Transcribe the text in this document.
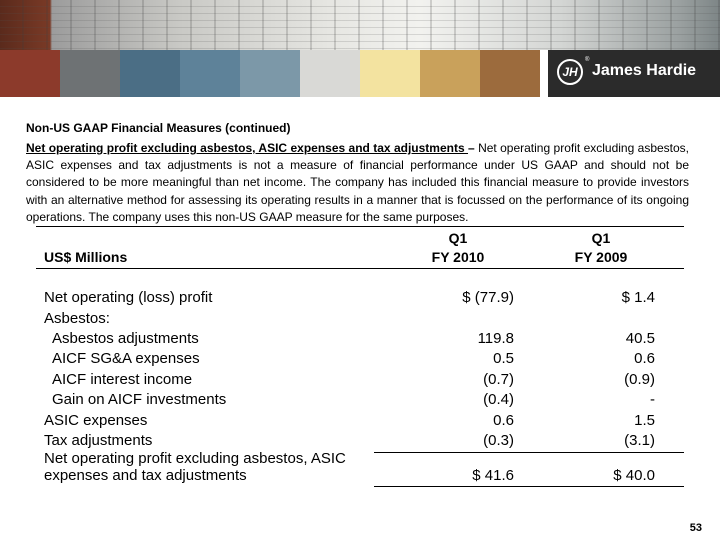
JH
®
James Hardie
Non-US GAAP Financial Measures (continued)

Net operating profit excluding asbestos, ASIC expenses and tax adjustments – Net operating profit excluding asbestos, ASIC expenses and tax adjustments is not a measure of financial performance under US GAAP and should not be considered to be more meaningful than net income. The company has included this financial measure to provide investors with an alternative method for assessing its operating results in a manner that is focussed on the performance of its ongoing operations. The company uses this non-US GAAP measure for the same purposes.

Q1	Q1
US$ Millions	FY 2010	FY 2009
Net operating (loss) profit	$ (77.9)	$ 1.4
Asbestos:
Asbestos adjustments	119.8	40.5
AICF SG&A expenses	0.5	0.6
AICF interest income	(0.7)	(0.9)
Gain on AICF investments	(0.4)	-
ASIC expenses	0.6	1.5
Tax adjustments	(0.3)	(3.1)
Net operating profit excluding asbestos, ASIC
expenses and tax adjustments	$ 41.6	$ 40.0
53
